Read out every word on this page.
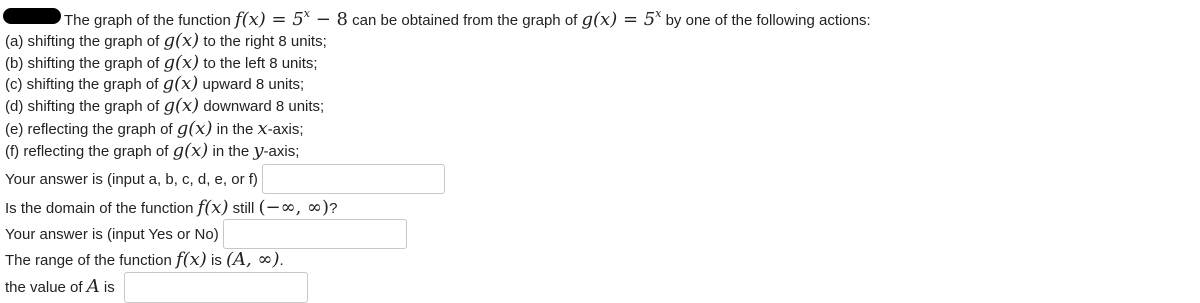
The graph of the function $f(x) = 5^x - 8$ can be obtained from the graph of $g(x) = 5^x$ by one of the following actions:
(a) shifting the graph of g(x) to the right 8 units;
(b) shifting the graph of g(x) to the left 8 units;
(c) shifting the graph of g(x) upward 8 units;
(d) shifting the graph of g(x) downward 8 units;
(e) reflecting the graph of g(x) in the x-axis;
(f) reflecting the graph of g(x) in the y-axis;
Your answer is (input a, b, c, d, e, or f)
Is the domain of the function f(x) still (−∞, ∞)?
Your answer is (input Yes or No)
The range of the function f(x) is (A, ∞).
the value of A is
